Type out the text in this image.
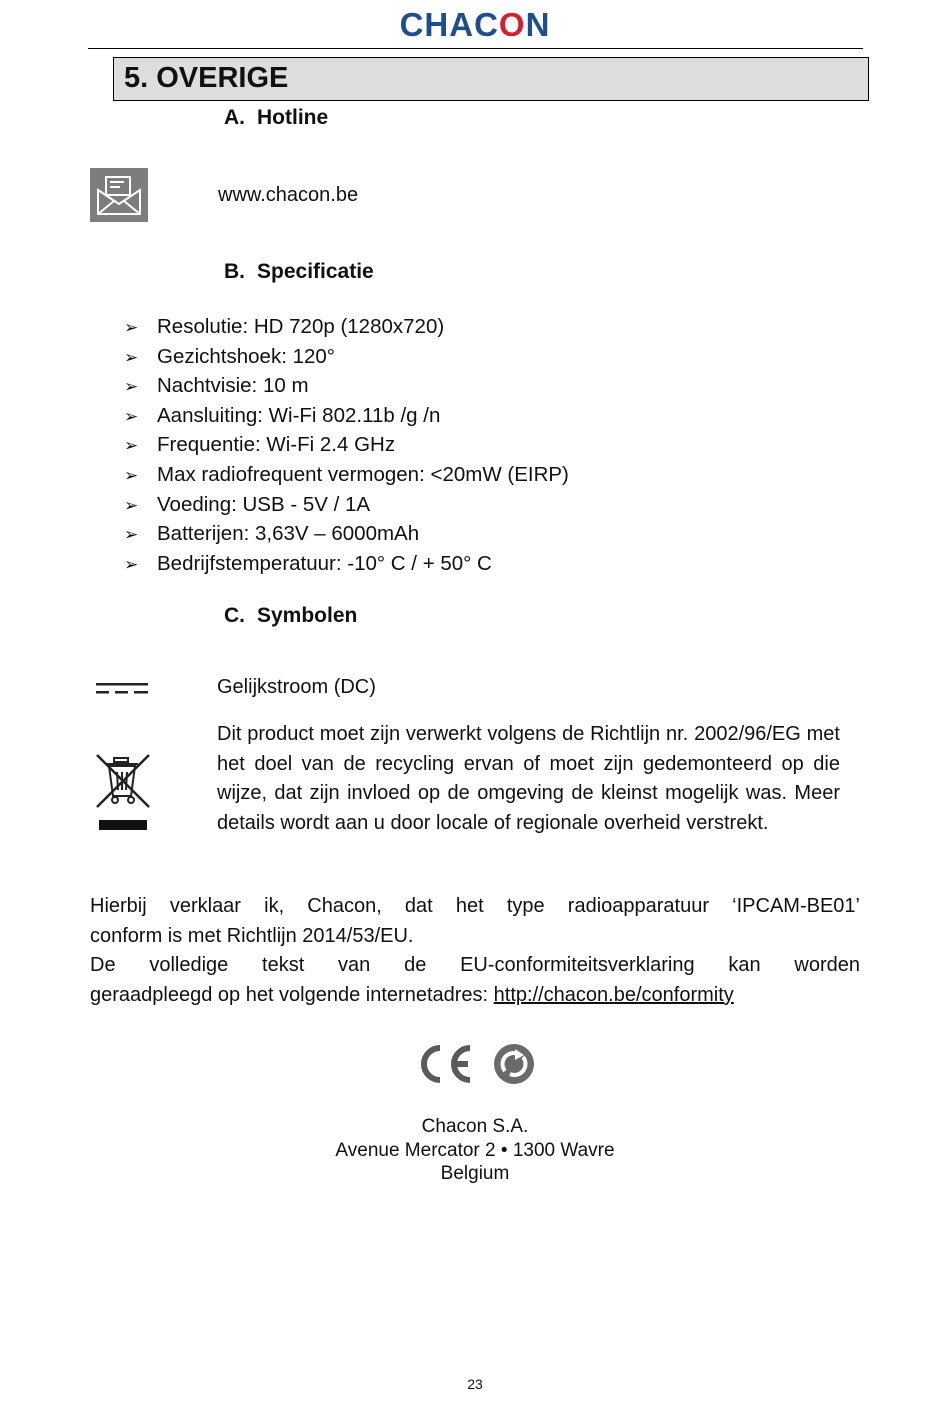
CHACON
5. OVERIGE
A. Hotline
www.chacon.be
B. Specificatie
➢ Resolutie: HD 720p (1280x720)
➢ Gezichtshoek: 120°
➢ Nachtvisie: 10 m
➢ Aansluiting: Wi-Fi 802.11b /g /n
➢ Frequentie: Wi-Fi 2.4 GHz
➢ Max radiofrequent vermogen: <20mW (EIRP)
➢ Voeding: USB - 5V / 1A
➢ Batterijen: 3,63V – 6000mAh
➢ Bedrijfstemperatuur: -10° C / + 50° C
C. Symbolen
Gelijkstroom (DC)

Dit product moet zijn verwerkt volgens de Richtlijn nr. 2002/96/EG met het doel van de recycling ervan of moet zijn gedemonteerd op die wijze, dat zijn invloed op de omgeving de kleinst mogelijk was. Meer details wordt aan u door locale of regionale overheid verstrekt.

Hierbij verklaar ik, Chacon, dat het type radioapparatuur ‘IPCAM-BE01’
conform is met Richtlijn 2014/53/EU.
De volledige tekst van de EU-conformiteitsverklaring kan worden
geraadpleegd op het volgende internetadres: http://chacon.be/conformity
Chacon S.A.
Avenue Mercator 2 • 1300 Wavre
Belgium
23
